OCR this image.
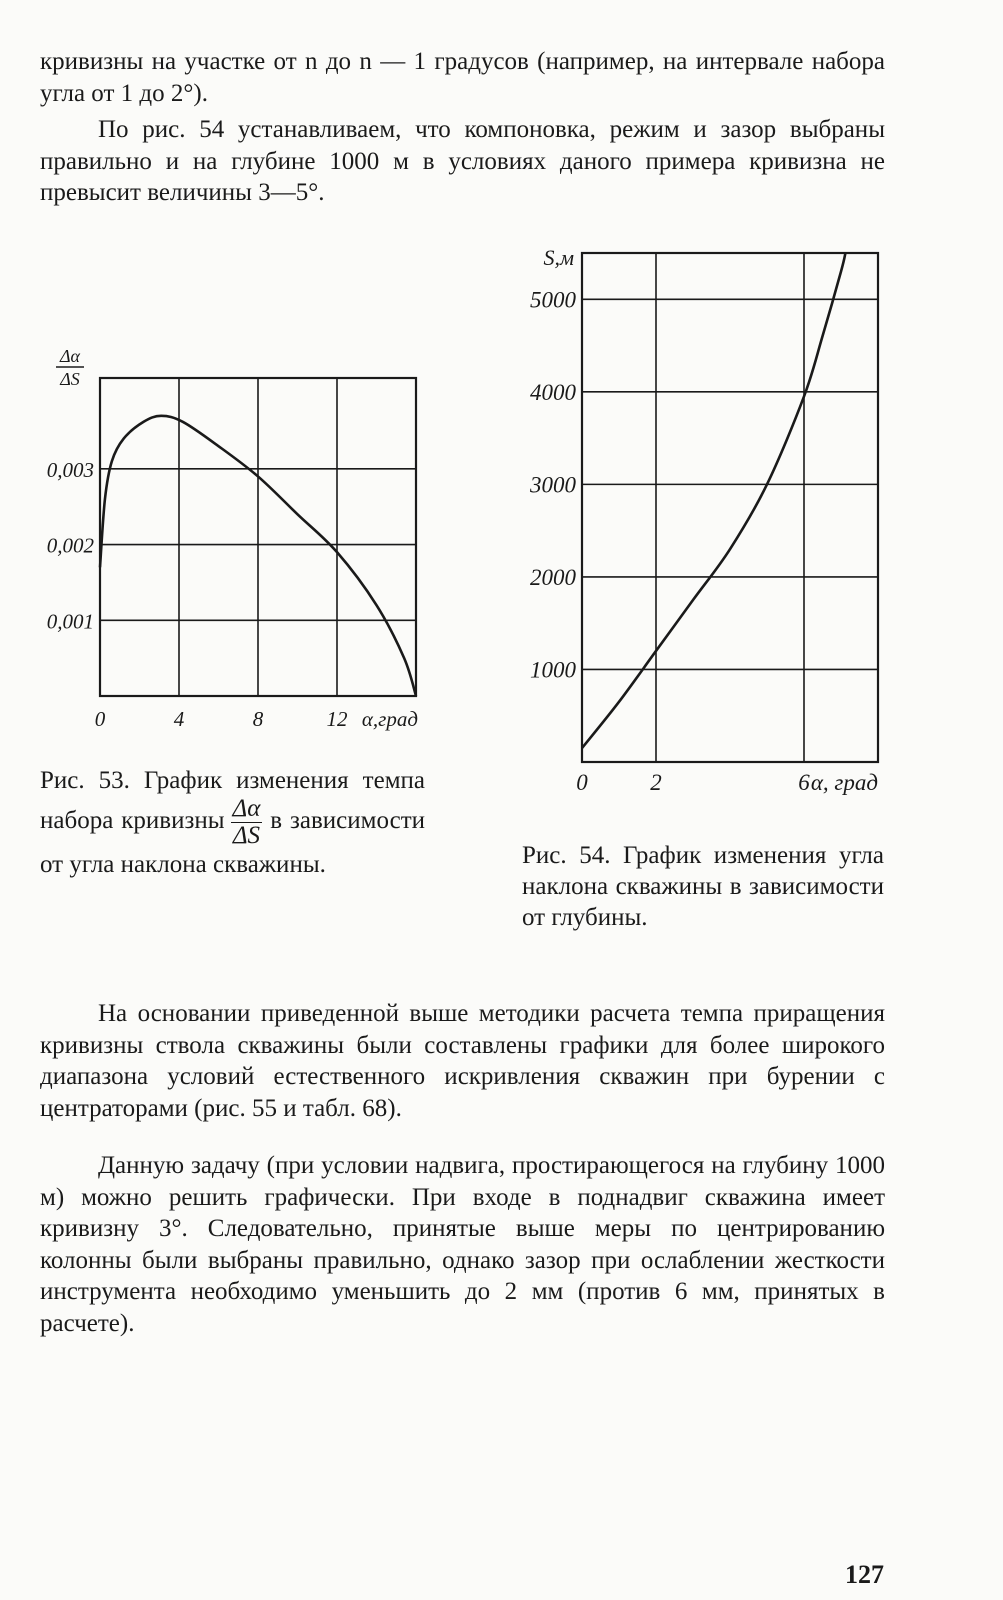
кривизны на участке от n до n — 1 градусов (например, на интервале набора угла от 1 до 2°).

По рис. 54 устанавливаем, что компоновка, режим и зазор выбраны правильно и на глубине 1000 м в условиях даного примера кривизна не превысит величины 3—5°.

0	4	8	12
0,001
0,002
0,003
α,град
Δα
ΔS
0	2	6
1000
2000
3000
4000
5000
α, град
S,м
Рис. 53. График изменения темпа набора кривизны $\frac{\Delta\alpha}{\Delta S}$ в зависимости от угла наклона скважины.	Рис. 54. График изменения угла наклона скважины в зависимости от глубины.

На основании приведенной выше методики расчета темпа приращения кривизны ствола скважины были составлены графики для более широкого диапазона условий естественного искривления скважин при бурении с центраторами (рис. 55 и табл. 68).

Данную задачу (при условии надвига, простирающегося на глубину 1000 м) можно решить графически. При входе в поднадвиг скважина имеет кривизну 3°. Следовательно, принятые выше меры по центрированию колонны были выбраны правильно, однако зазор при ослаблении жесткости инструмента необходимо уменьшить до 2 мм (против 6 мм, принятых в расчете).

127
